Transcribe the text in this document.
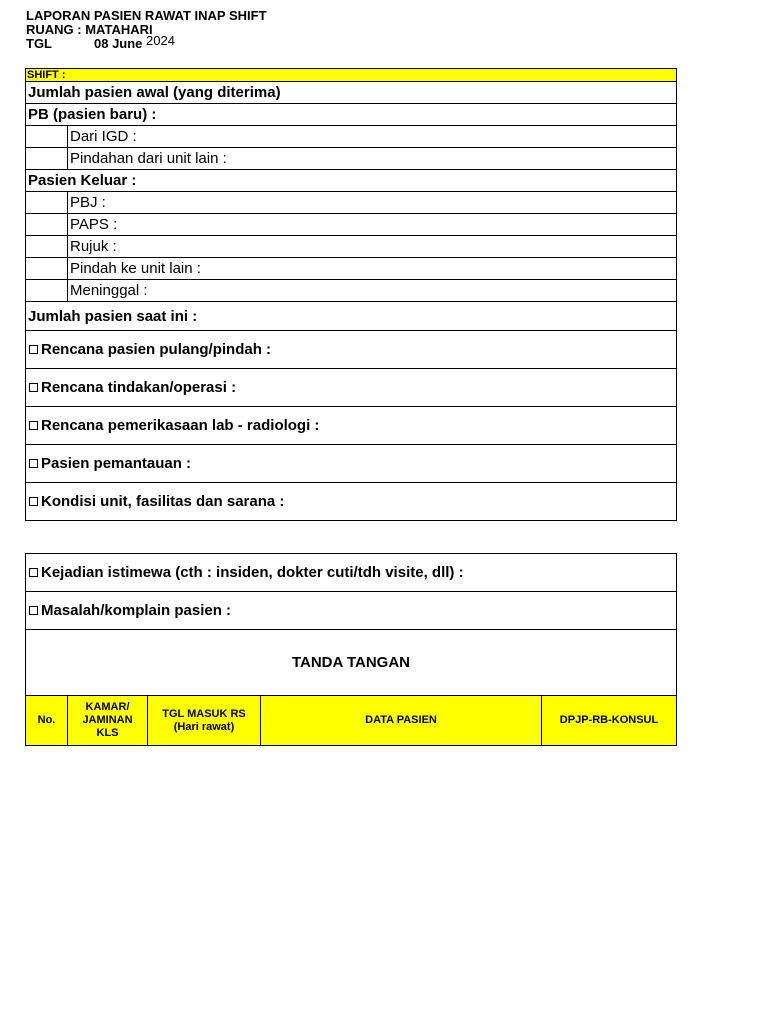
LAPORAN PASIEN RAWAT INAP SHIFT
RUANG : MATAHARI
TGL	08 June 2024
SHIFT :	
Jumlah pasien awal (yang diterima)	
PB (pasien baru) :	
	Dari IGD :
	Pindahan dari unit lain :
Pasien Keluar :	
	PBJ :
	PAPS :
	Rujuk :
	Pindah ke unit lain :
	Meninggal :
Jumlah pasien saat ini :	
Rencana pasien pulang/pindah :	
Rencana tindakan/operasi :	
Rencana pemerikasaan lab - radiologi :	
Pasien pemantauan :	
Kondisi unit, fasilitas dan sarana :	
Kejadian istimewa (cth : insiden, dokter cuti/tdh visite, dll) :
Masalah/komplain pasien :
TANDA TANGAN
No.	KAMAR/ JAMINAN KLS	TGL MASUK RS (Hari rawat)	DATA PASIEN	DPJP-RB-KONSUL
